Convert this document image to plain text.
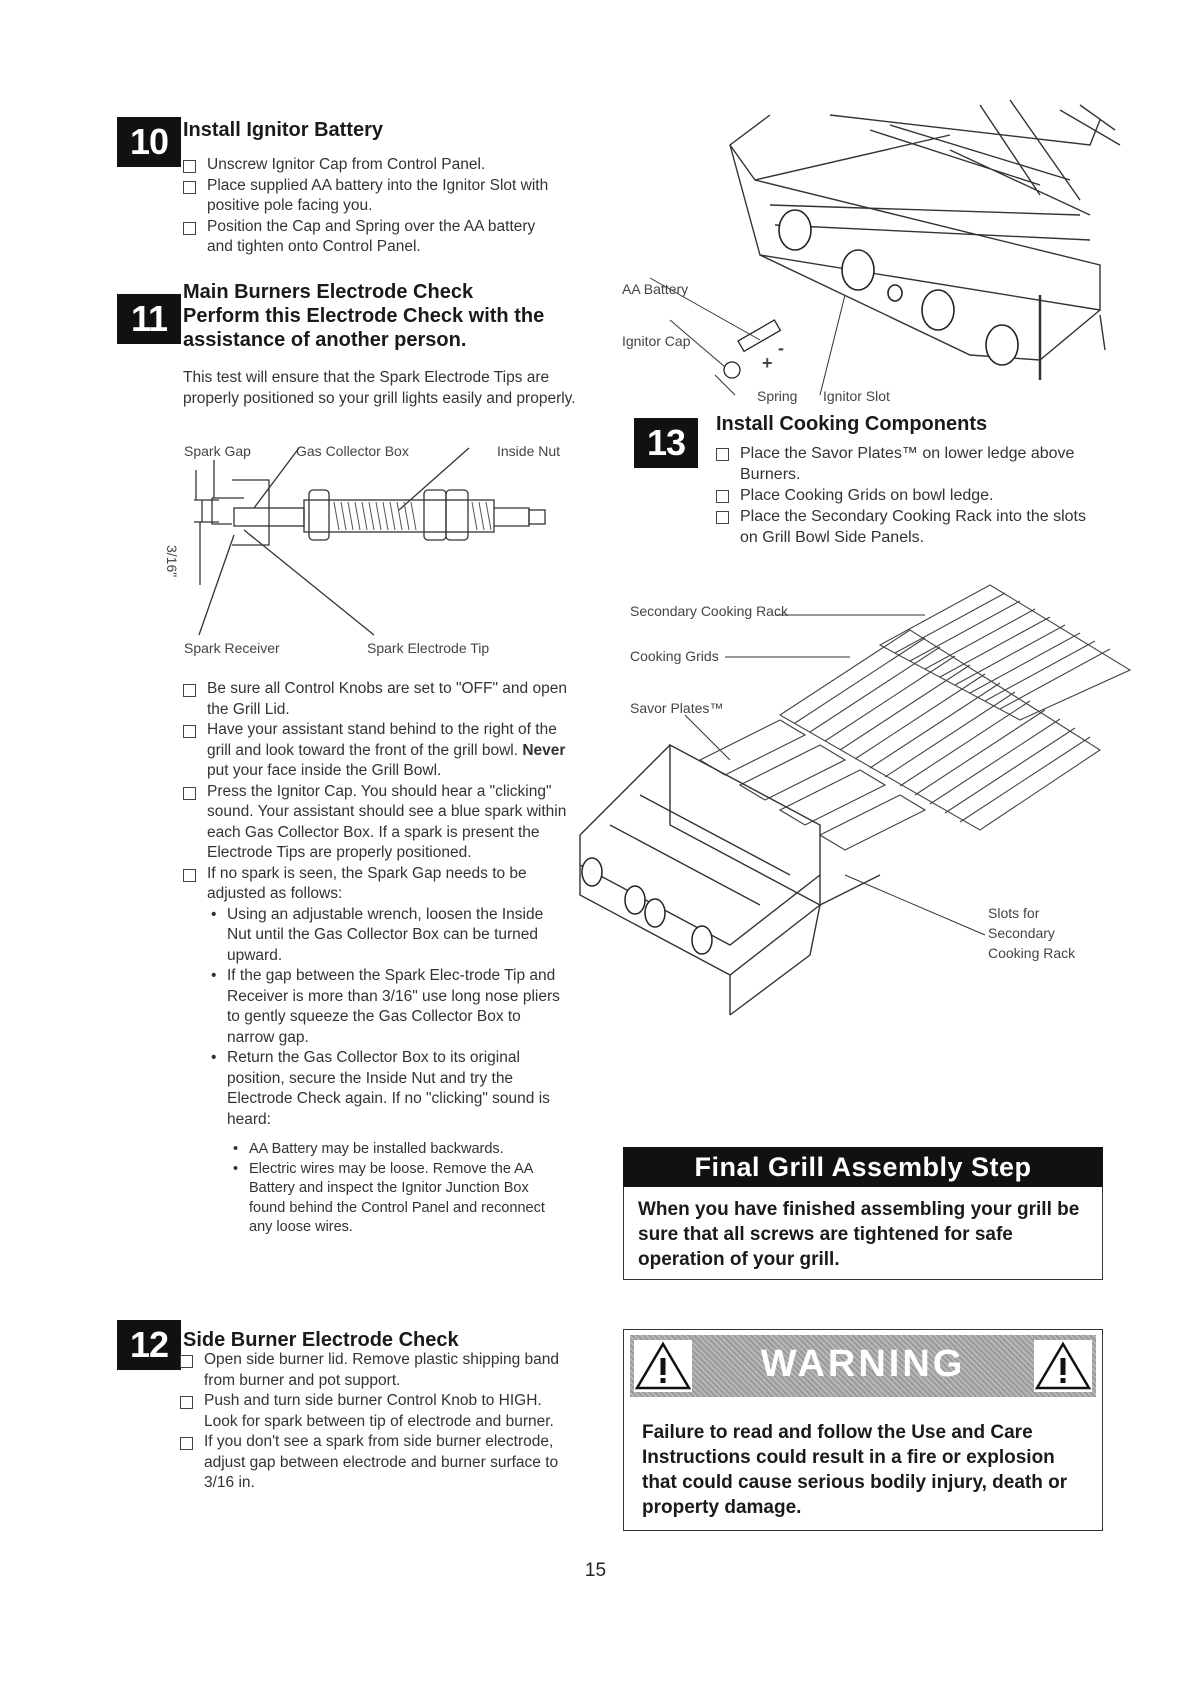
10 Install Ignitor Battery
Unscrew Ignitor Cap from Control Panel.
Place supplied AA battery into the Ignitor Slot with positive pole facing you.
Position the Cap and Spring over the AA battery and tighten onto Control Panel.
11
Main Burners Electrode Check
Perform this Electrode Check with the assistance of another person.
This test will ensure that the Spark Electrode Tips are properly positioned so your grill lights easily and properly.
Spark Gap	Gas Collector Box	Inside Nut
Spark Receiver	Spark Electrode Tip
3/16"
Be sure all Control Knobs are set to "OFF" and open the Grill Lid.
Have your assistant stand behind to the right of the grill and look toward the front of the grill bowl. Never put your face inside the Grill Bowl.
Press the Ignitor Cap. You should hear a "clicking" sound. Your assistant should see a blue spark within each Gas Collector Box. If a spark is present the Electrode Tips are properly positioned.
If no spark is seen, the Spark Gap needs to be adjusted as follows:
• Using an adjustable wrench, loosen the Inside Nut until the Gas Collector Box can be turned upward.
• If the gap between the Spark Elec-trode Tip and Receiver is more than 3/16" use long nose pliers to gently squeeze the Gas Collector Box to narrow gap.
• Return the Gas Collector Box to its original position, secure the Inside Nut and try the Electrode Check again. If no "clicking" sound is heard:
• AA Battery may be installed backwards.
• Electric wires may be loose. Remove the AA Battery and inspect the Ignitor Junction Box found behind the Control Panel and reconnect any loose wires.
12 Side Burner Electrode Check
Open side burner lid. Remove plastic shipping band from burner and pot support.
Push and turn side burner Control Knob to HIGH. Look for spark between tip of electrode and burner.
If you don't see a spark from side burner electrode, adjust gap between electrode and burner surface to 3/16 in.
AA Battery
Ignitor Cap
+
-
Spring Ignitor Slot
13	Install Cooking Components
Place the Savor Plates™ on lower ledge above Burners.
Place Cooking Grids on bowl ledge.
Place the Secondary Cooking Rack into the slots on Grill Bowl Side Panels.
Secondary Cooking Rack
Cooking Grids
Savor Plates™
Slots for
Secondary
Cooking Rack
Final Grill Assembly Step
When you have finished assembling your grill be sure that all screws are tightened for safe operation of your grill.
WARNING
Failure to read and follow the Use and Care Instructions could result in a fire or explosion that could cause serious bodily injury, death or property damage.
15
